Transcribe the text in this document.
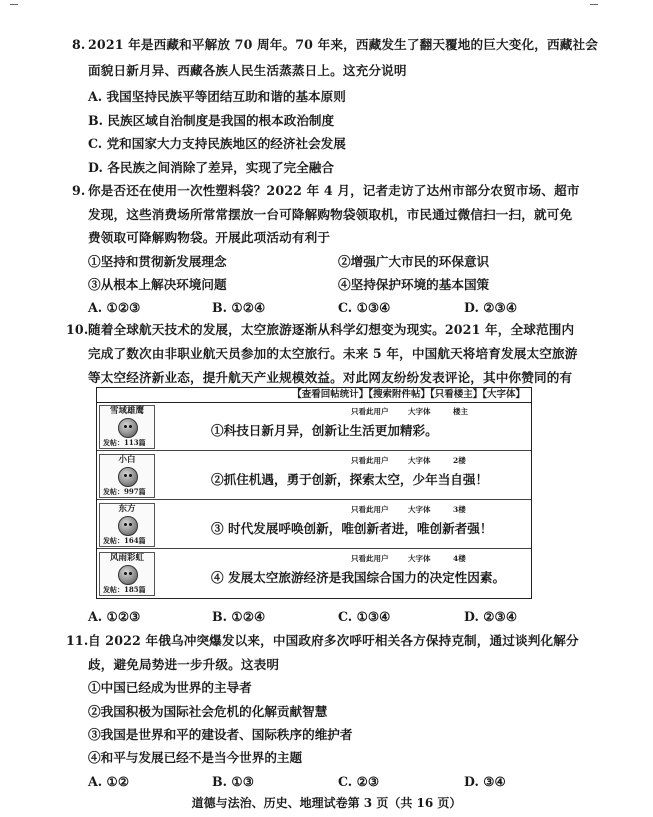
8. 2021 年是西藏和平解放 70 周年。70 年来，西藏发生了翻天覆地的巨大变化，西藏社会
面貌日新月异、西藏各族人民生活蒸蒸日上。这充分说明
A. 我国坚持民族平等团结互助和谐的基本原则
B. 民族区域自治制度是我国的根本政治制度
C. 党和国家大力支持民族地区的经济社会发展
D. 各民族之间消除了差异，实现了完全融合
9. 你是否还在使用一次性塑料袋？2022 年 4 月，记者走访了达州市部分农贸市场、超市
发现，这些消费场所常常摆放一台可降解购物袋领取机，市民通过微信扫一扫，就可免
费领取可降解购物袋。开展此项活动有利于
①坚持和贯彻新发展理念	②增强广大市民的环保意识
③从根本上解决环境问题	④坚持保护环境的基本国策
A. ①②③	B. ①②④	C. ①③④	D. ②③④
10. 随着全球航天技术的发展，太空旅游逐渐从科学幻想变为现实。2021 年，全球范围内
完成了数次由非职业航天员参加的太空旅行。未来 5 年，中国航天将培育发展太空旅游
等太空经济新业态，提升航天产业规模效益。对此网友纷纷发表评论，其中你赞同的有
【查看回帖统计】【搜索附件帖】【只看楼主】【大字体】
雪域雄鹰
发帖：113篇
只看此用户	大字体	楼主
①科技日新月异，创新让生活更加精彩。
小白
发帖：997篇
只看此用户	大字体	2楼
②抓住机遇，勇于创新，探索太空，少年当自强！
东方
发帖：164篇
只看此用户	大字体	3楼
③ 时代发展呼唤创新，唯创新者进，唯创新者强！
风雨彩虹
发帖：185篇
只看此用户	大字体	4楼
④ 发展太空旅游经济是我国综合国力的决定性因素。
A. ①②③	B. ①②④	C. ①③④	D. ②③④
11. 自 2022 年俄乌冲突爆发以来，中国政府多次呼吁相关各方保持克制，通过谈判化解分
歧，避免局势进一步升级。这表明
①中国已经成为世界的主导者
②我国积极为国际社会危机的化解贡献智慧
③我国是世界和平的建设者、国际秩序的维护者
④和平与发展已经不是当今世界的主题
A. ①②	B. ①③	C. ②③	D. ③④
道德与法治、历史、地理试卷第 3 页（共 16 页）
